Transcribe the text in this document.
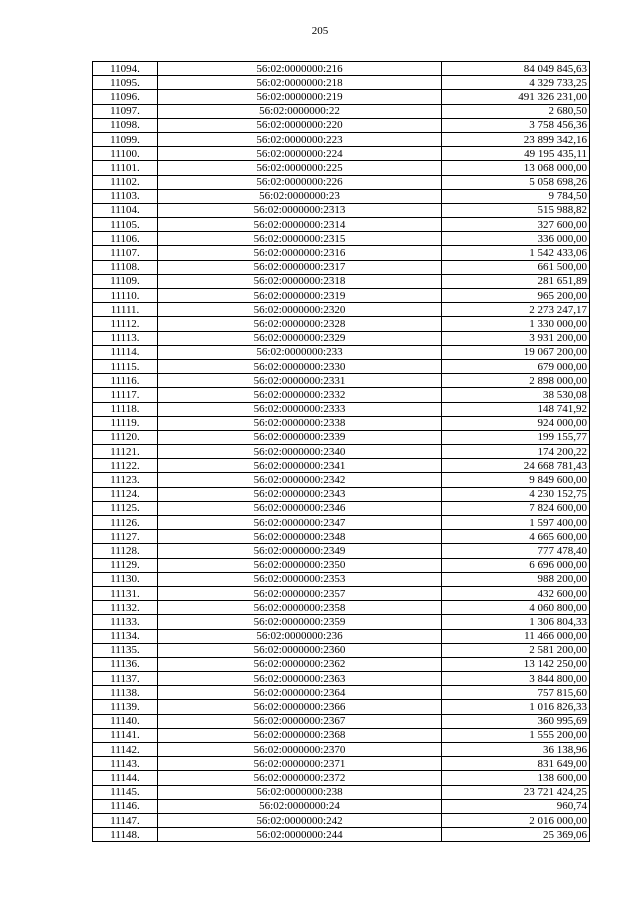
205
11094.	56:02:0000000:216	84 049 845,63
11095.	56:02:0000000:218	4 329 733,25
11096.	56:02:0000000:219	491 326 231,00
11097.	56:02:0000000:22	2 680,50
11098.	56:02:0000000:220	3 758 456,36
11099.	56:02:0000000:223	23 899 342,16
11100.	56:02:0000000:224	49 195 435,11
11101.	56:02:0000000:225	13 068 000,00
11102.	56:02:0000000:226	5 058 698,26
11103.	56:02:0000000:23	9 784,50
11104.	56:02:0000000:2313	515 988,82
11105.	56:02:0000000:2314	327 600,00
11106.	56:02:0000000:2315	336 000,00
11107.	56:02:0000000:2316	1 542 433,06
11108.	56:02:0000000:2317	661 500,00
11109.	56:02:0000000:2318	281 651,89
11110.	56:02:0000000:2319	965 200,00
11111.	56:02:0000000:2320	2 273 247,17
11112.	56:02:0000000:2328	1 330 000,00
11113.	56:02:0000000:2329	3 931 200,00
11114.	56:02:0000000:233	19 067 200,00
11115.	56:02:0000000:2330	679 000,00
11116.	56:02:0000000:2331	2 898 000,00
11117.	56:02:0000000:2332	38 530,08
11118.	56:02:0000000:2333	148 741,92
11119.	56:02:0000000:2338	924 000,00
11120.	56:02:0000000:2339	199 155,77
11121.	56:02:0000000:2340	174 200,22
11122.	56:02:0000000:2341	24 668 781,43
11123.	56:02:0000000:2342	9 849 600,00
11124.	56:02:0000000:2343	4 230 152,75
11125.	56:02:0000000:2346	7 824 600,00
11126.	56:02:0000000:2347	1 597 400,00
11127.	56:02:0000000:2348	4 665 600,00
11128.	56:02:0000000:2349	777 478,40
11129.	56:02:0000000:2350	6 696 000,00
11130.	56:02:0000000:2353	988 200,00
11131.	56:02:0000000:2357	432 600,00
11132.	56:02:0000000:2358	4 060 800,00
11133.	56:02:0000000:2359	1 306 804,33
11134.	56:02:0000000:236	11 466 000,00
11135.	56:02:0000000:2360	2 581 200,00
11136.	56:02:0000000:2362	13 142 250,00
11137.	56:02:0000000:2363	3 844 800,00
11138.	56:02:0000000:2364	757 815,60
11139.	56:02:0000000:2366	1 016 826,33
11140.	56:02:0000000:2367	360 995,69
11141.	56:02:0000000:2368	1 555 200,00
11142.	56:02:0000000:2370	36 138,96
11143.	56:02:0000000:2371	831 649,00
11144.	56:02:0000000:2372	138 600,00
11145.	56:02:0000000:238	23 721 424,25
11146.	56:02:0000000:24	960,74
11147.	56:02:0000000:242	2 016 000,00
11148.	56:02:0000000:244	25 369,06
